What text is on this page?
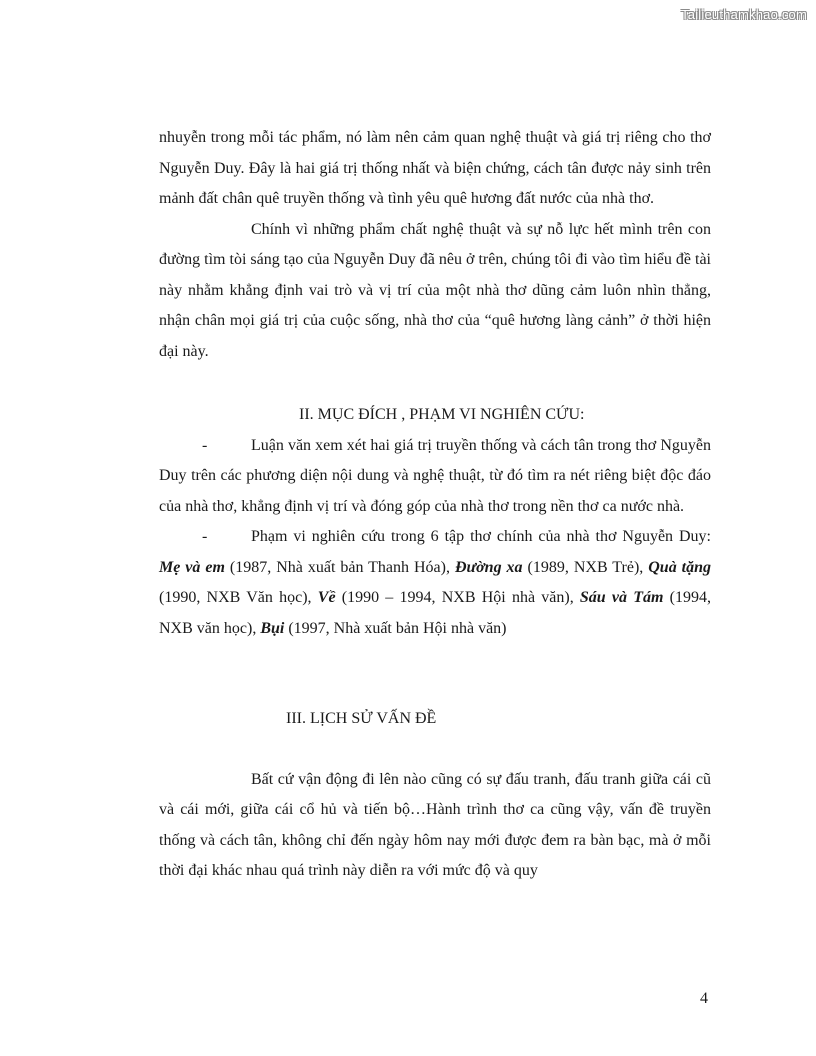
Tailieuthamkhao.com

nhuyễn trong mỗi tác phẩm, nó làm nên cảm quan nghệ thuật và giá trị riêng cho thơ Nguyễn Duy. Đây là hai giá trị thống nhất và biện chứng, cách tân được nảy sinh trên mảnh đất chân quê truyền thống và tình yêu quê hương đất nước của nhà thơ.

Chính vì những phẩm chất nghệ thuật và sự nỗ lực hết mình trên con đường tìm tòi sáng tạo của Nguyễn Duy đã nêu ở trên, chúng tôi đi vào tìm hiểu đề tài này nhằm khẳng định vai trò và vị trí của một nhà thơ dũng cảm luôn nhìn thẳng, nhận chân mọi giá trị của cuộc sống, nhà thơ của “quê hương làng cảnh” ở thời hiện đại này.

II. MỤC ĐÍCH , PHẠM VI NGHIÊN CỨU:

-	Luận văn xem xét hai giá trị truyền thống và cách tân trong thơ Nguyễn Duy trên các phương diện nội dung và nghệ thuật, từ đó tìm ra nét riêng biệt độc đáo của nhà thơ, khẳng định vị trí và đóng góp của nhà thơ trong nền thơ ca nước nhà.

-	Phạm vi nghiên cứu trong 6 tập thơ chính của nhà thơ Nguyễn Duy: Mẹ và em (1987, Nhà xuất bản Thanh Hóa), Đường xa (1989, NXB Trẻ), Quà tặng (1990, NXB Văn học), Về (1990 – 1994, NXB Hội nhà văn), Sáu và Tám (1994, NXB văn học), Bụi (1997, Nhà xuất bản Hội nhà văn)

III. LỊCH SỬ VẤN ĐỀ

Bất cứ vận động đi lên nào cũng có sự đấu tranh, đấu tranh giữa cái cũ và cái mới, giữa cái cổ hủ và tiến bộ…Hành trình thơ ca cũng vậy, vấn đề truyền thống và cách tân, không chỉ đến ngày hôm nay mới được đem ra bàn bạc, mà ở mỗi thời đại khác nhau quá trình này diễn ra với mức độ và quy

4
